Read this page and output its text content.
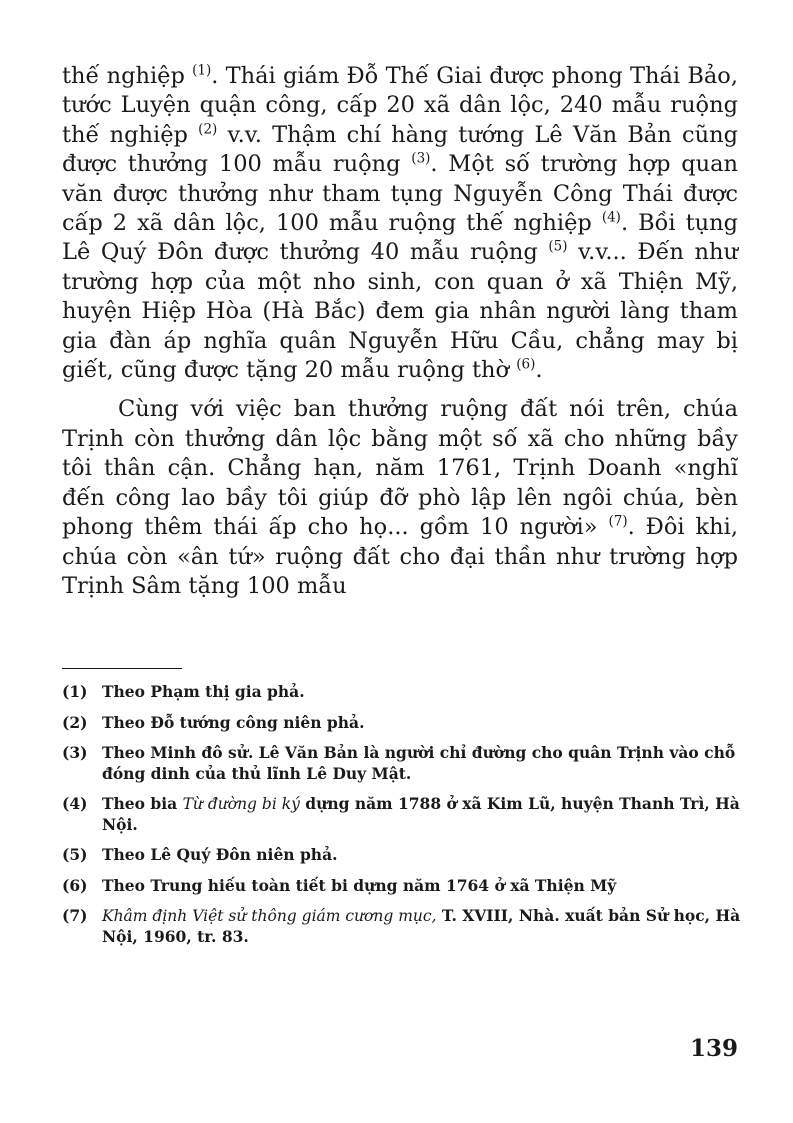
thế nghiệp $^{(1)}$. Thái giám Đỗ Thế Giai được phong Thái Bảo, tước Luyện quận công, cấp 20 xã dân lộc, 240 mẫu ruộng thế nghiệp $^{(2)}$ v.v. Thậm chí hàng tướng Lê Văn Bản cũng được thưởng 100 mẫu ruộng $^{(3)}$. Một số trường hợp quan văn được thưởng như tham tụng Nguyễn Công Thái được cấp 2 xã dân lộc, 100 mẫu ruộng thế nghiệp $^{(4)}$. Bồi tụng Lê Quý Đôn được thưởng 40 mẫu ruộng $^{(5)}$ v.v... Đến như trường hợp của một nho sinh, con quan ở xã Thiện Mỹ, huyện Hiệp Hòa (Hà Bắc) đem gia nhân người làng tham gia đàn áp nghĩa quân Nguyễn Hữu Cầu, chẳng may bị giết, cũng được tặng 20 mẫu ruộng thờ $^{(6)}$.

Cùng với việc ban thưởng ruộng đất nói trên, chúa Trịnh còn thưởng dân lộc bằng một số xã cho những bầy tôi thân cận. Chẳng hạn, năm 1761, Trịnh Doanh «nghĩ đến công lao bầy tôi giúp đỡ phò lập lên ngôi chúa, bèn phong thêm thái ấp cho họ... gồm 10 người» $^{(7)}$. Đôi khi, chúa còn «ân tứ» ruộng đất cho đại thần như trường hợp Trịnh Sâm tặng 100 mẫu

(1) Theo Phạm thị gia phả.
(2) Theo Đỗ tướng công niên phả.
(3) Theo Minh đô sử. Lê Văn Bản là người chỉ đường cho quân Trịnh vào chỗ đóng dinh của thủ lĩnh Lê Duy Mật.
(4) Theo bia Từ đường bi ký dựng năm 1788 ở xã Kim Lũ, huyện Thanh Trì, Hà Nội.
(5) Theo Lê Quý Đôn niên phả.
(6) Theo Trung hiếu toàn tiết bi dựng năm 1764 ở xã Thiện Mỹ
(7) Khâm định Việt sử thông giám cương mục, T. XVIII, Nhà. xuất bản Sử học, Hà Nội, 1960, tr. 83.
139
